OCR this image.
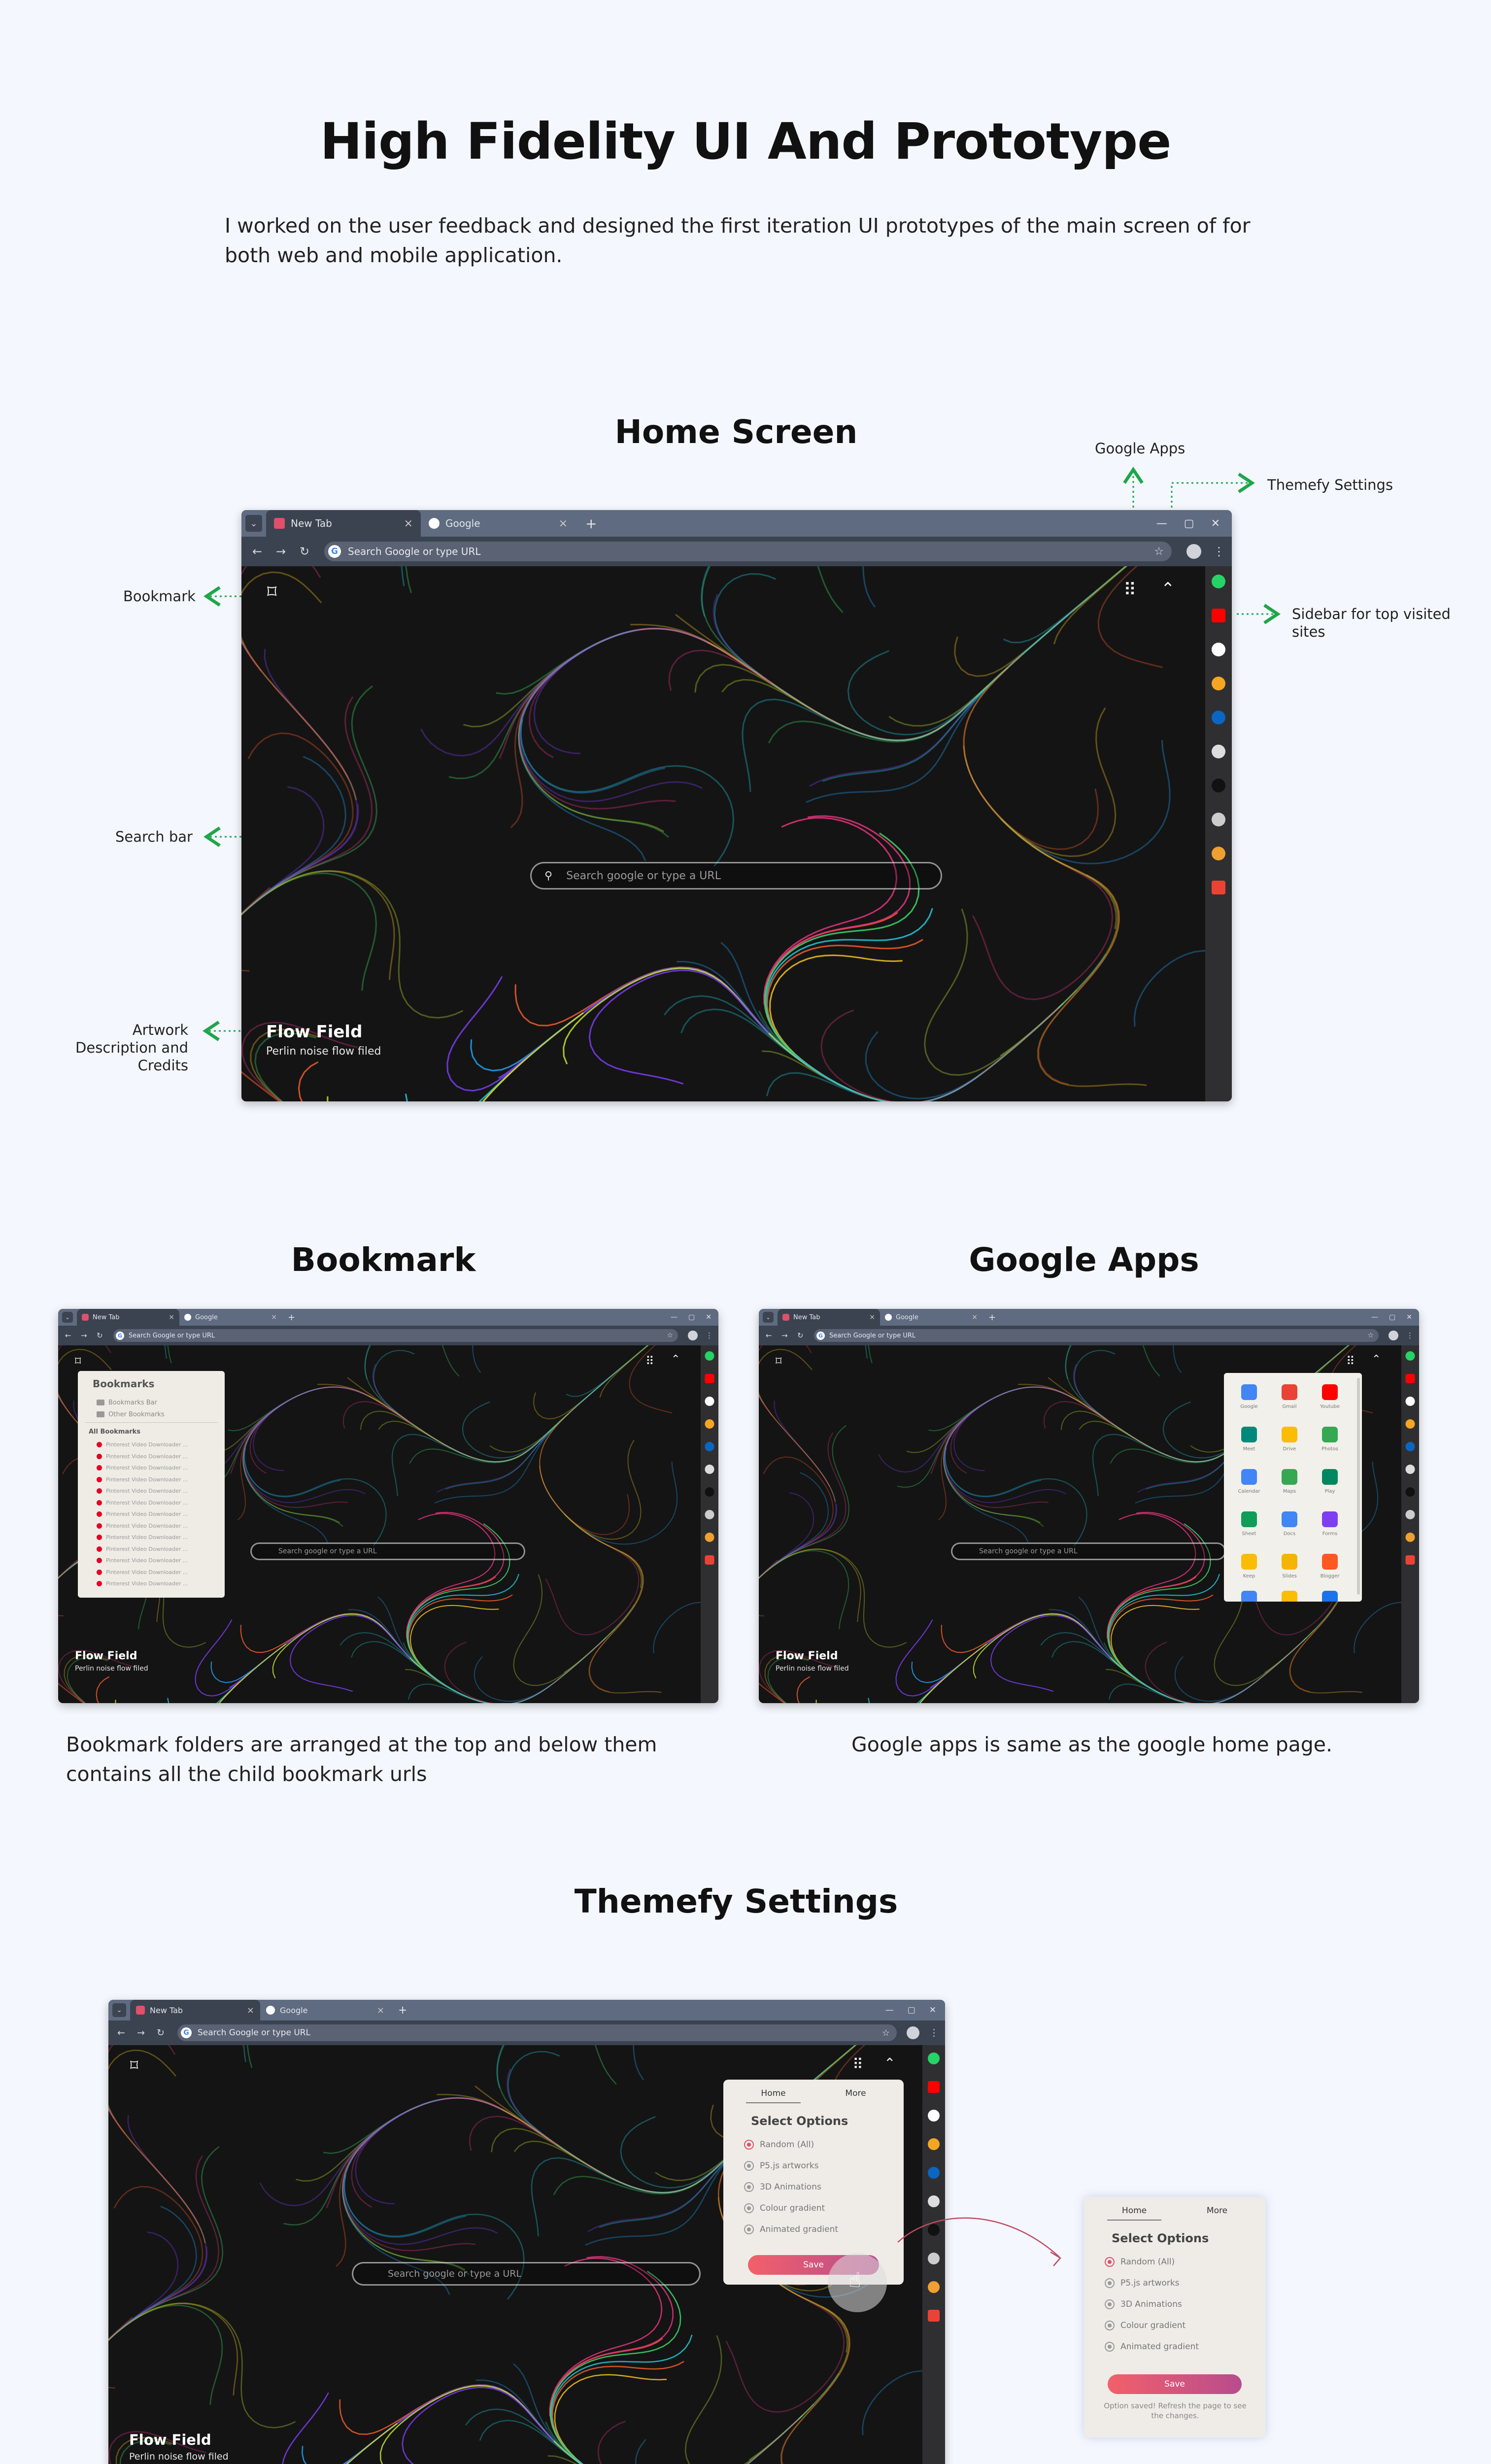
High Fidelity UI And Prototype
I worked on the user feedback and designed the first iteration UI prototypes of the main screen of for both web and mobile application.
Home Screen	Google Apps
Themefy Settings
Bookmark
Sidebar for top visited sites
Search bar
Artwork Description and Credits
⌄	New Tab	×	Google	× +	— ▢ ✕
← → ↻	G	Search Google or type URL	☆	⋮
⌑	⠿ ⌃
⚲ Search google or type a URL
Flow Field
Perlin noise flow filed
Bookmark	Google Apps
⌄	New Tab	×	Google	× +	— ▢ ✕
← → ↻	G Search Google or type URL	☆	⋮
⌑	⠿ ⌃
Search google or type a URL
Flow Field
Perlin noise flow filed
Bookmarks
Bookmarks Bar
Other Bookmarks
All Bookmarks
Pinterest Video Downloader ...
Pinterest Video Downloader ...
Pinterest Video Downloader ...
Pinterest Video Downloader ...
Pinterest Video Downloader ...
Pinterest Video Downloader ...
Pinterest Video Downloader ...
Pinterest Video Downloader ...
Pinterest Video Downloader ...
Pinterest Video Downloader ...
Pinterest Video Downloader ...
Pinterest Video Downloader ...
Pinterest Video Downloader ...
⌄	New Tab	×	Google	× +	— ▢ ✕
← → ↻	G Search Google or type URL	☆	⋮
⌑	⠿ ⌃
Search google or type a URL
Flow Field
Perlin noise flow filed
Google	Gmail	Youtube
Meet	Drive	Photos
Calendar	Maps	Play
Sheet	Docs	Forms
Keep	Slides	Blogger
Bookmark folders are arranged at the top and below them contains all the child bookmark urls
Google apps is same as the google home page.
Themefy Settings
⌄	New Tab	×	Google	× +	— ▢ ✕
← → ↻	G	Search Google or type URL	☆	⋮
⌑	⠿ ⌃
Search google or type a URL
Flow Field
Perlin noise flow filed
Home	More
Select Options
Random (All)
P5.js artworks
3D Animations
Colour gradient
Animated gradient
Save
☝
Home	More
Select Options
Random (All)
P5.js artworks
3D Animations
Colour gradient
Animated gradient
Save
Option saved! Refresh the page to see the changes.
